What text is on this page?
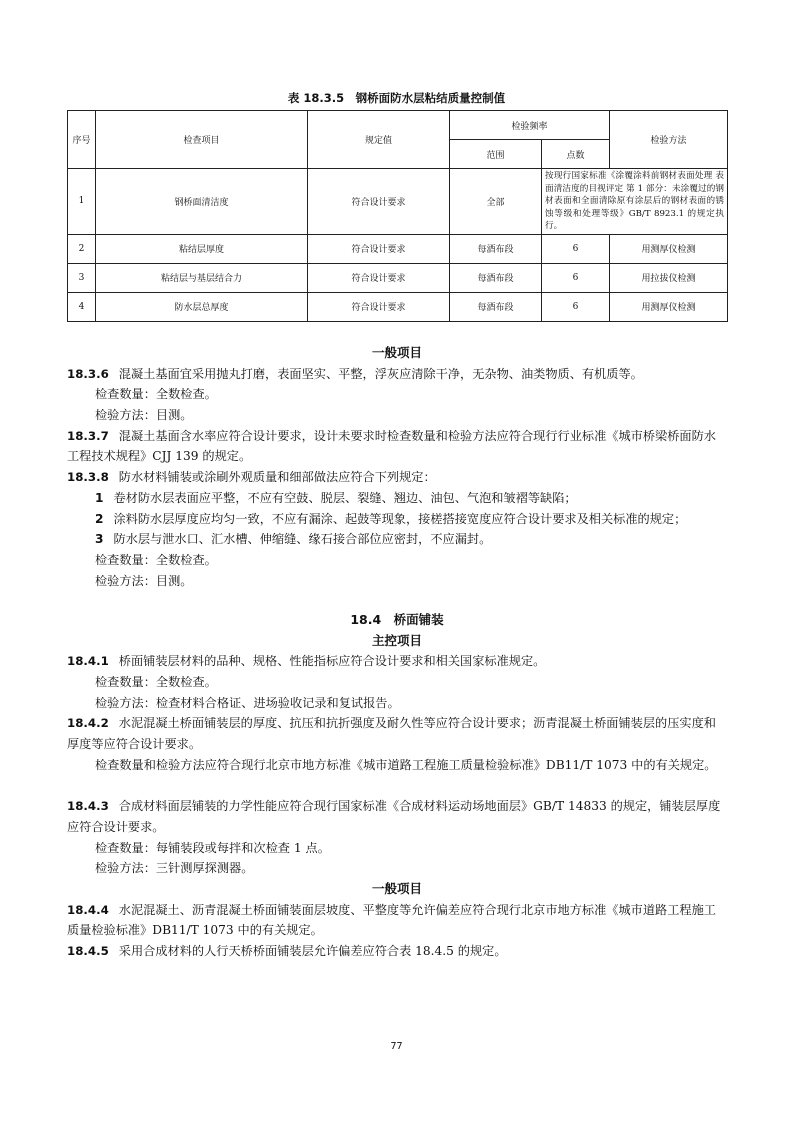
表 18.3.5　钢桥面防水层粘结质量控制值
序号	检查项目	规定值	检验频率		检验方法
			范围	点数	
1	钢桥面清洁度	符合设计要求	全部	按现行国家标准《涂覆涂料前钢材表面处理 表面清洁度的目视评定 第 1 部分：未涂覆过的钢材表面和全面清除原有涂层后的钢材表面的锈蚀等级和处理等级》GB/T 8923.1 的规定执行。	
2	粘结层厚度	符合设计要求	每酒布段	6	用测厚仪检测
3	粘结层与基层结合力	符合设计要求	每酒布段	6	用拉拔仪检测
4	防水层总厚度	符合设计要求	每酒布段	6	用测厚仪检测
一般项目
18.3.6 混凝土基面宜采用抛丸打磨，表面坚实、平整，浮灰应清除干净，无杂物、油类物质、有机质等。
检查数量：全数检查。
检验方法：目测。
18.3.7 混凝土基面含水率应符合设计要求，设计未要求时检查数量和检验方法应符合现行行业标准《城市桥梁桥面防水工程技术规程》CJJ 139 的规定。
18.3.8 防水材料铺装或涂刷外观质量和细部做法应符合下列规定：
1 卷材防水层表面应平整，不应有空鼓、脱层、裂缝、翘边、油包、气泡和皱褶等缺陷；
2 涂料防水层厚度应均匀一致，不应有漏涂、起鼓等现象，接槎搭接宽度应符合设计要求及相关标准的规定；
3 防水层与泄水口、汇水槽、伸缩缝、缘石接合部位应密封，不应漏封。
检查数量：全数检查。
检验方法：目测。
18.4　桥面铺装
主控项目
18.4.1 桥面铺装层材料的品种、规格、性能指标应符合设计要求和相关国家标准规定。
检查数量：全数检查。
检验方法：检查材料合格证、进场验收记录和复试报告。
18.4.2 水泥混凝土桥面铺装层的厚度、抗压和抗折强度及耐久性等应符合设计要求；沥青混凝土桥面铺装层的压实度和厚度等应符合设计要求。
检查数量和检验方法应符合现行北京市地方标准《城市道路工程施工质量检验标准》DB11/T 1073 中的有关规定。
18.4.3 合成材料面层铺装的力学性能应符合现行国家标准《合成材料运动场地面层》GB/T 14833 的规定，铺装层厚度应符合设计要求。
检查数量：每铺装段或每拌和次检查 1 点。
检验方法：三针测厚探测器。
一般项目
18.4.4 水泥混凝土、沥青混凝土桥面铺装面层坡度、平整度等允许偏差应符合现行北京市地方标准《城市道路工程施工质量检验标准》DB11/T 1073 中的有关规定。
18.4.5 采用合成材料的人行天桥桥面铺装层允许偏差应符合表 18.4.5 的规定。
77
